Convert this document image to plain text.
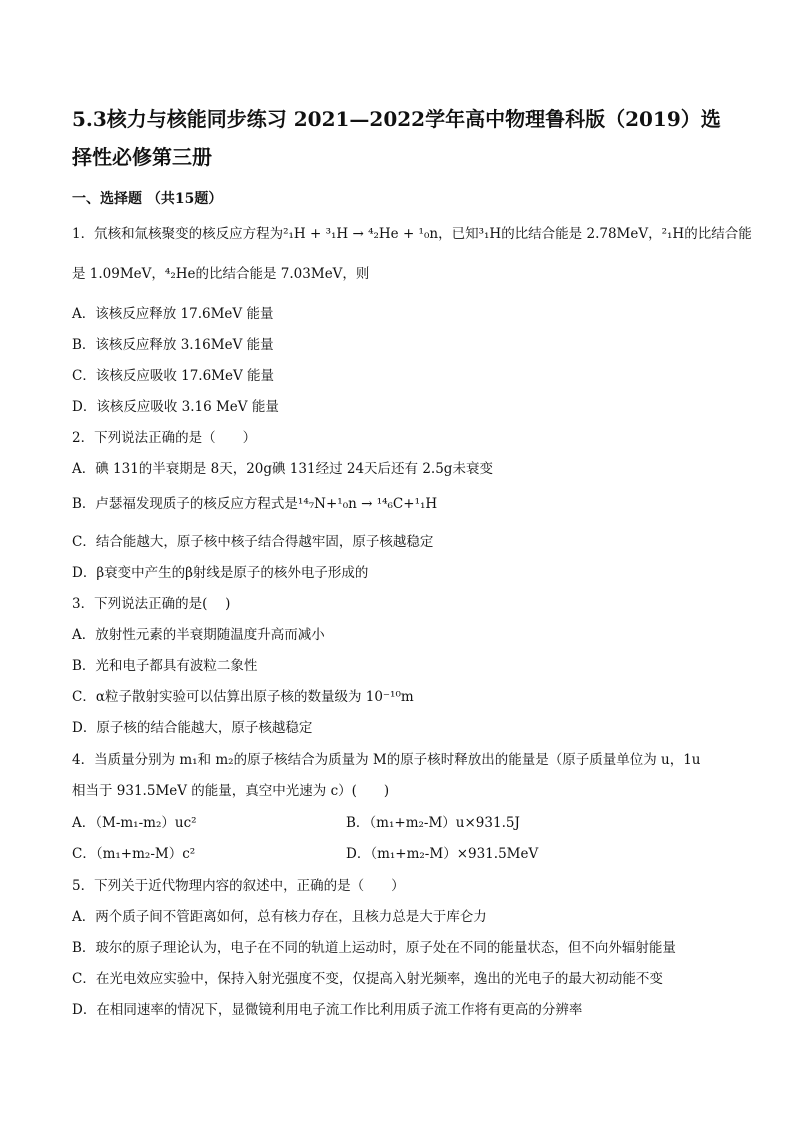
5.3核力与核能同步练习 2021—2022学年高中物理鲁科版（2019）选择性必修第三册
一、选择题 （共15题）
1．氘核和氚核聚变的核反应方程为²₁H + ³₁H → ⁴₂He + ¹₀n，已知³₁H的比结合能是 2.78MeV，²₁H的比结合能
是 1.09MeV，⁴₂He的比结合能是 7.03MeV，则
A．该核反应释放 17.6MeV 能量
B．该核反应释放 3.16MeV 能量
C．该核反应吸收 17.6MeV 能量
D．该核反应吸收 3.16 MeV 能量
2．下列说法正确的是（　　）
A．碘 131的半衰期是 8天，20g碘 131经过 24天后还有 2.5g未衰变
B．卢瑟福发现质子的核反应方程式是¹⁴₇N+¹₀n → ¹⁴₆C+¹₁H
C．结合能越大，原子核中核子结合得越牢固，原子核越稳定
D．β衰变中产生的β射线是原子的核外电子形成的
3．下列说法正确的是(　 )
A．放射性元素的半衰期随温度升高而减小
B．光和电子都具有波粒二象性
C．α粒子散射实验可以估算出原子核的数量级为 10⁻¹⁰m
D．原子核的结合能越大，原子核越稳定
4．当质量分别为 m₁和 m₂的原子核结合为质量为 M的原子核时释放出的能量是（原子质量单位为 u，1u
相当于 931.5MeV 的能量，真空中光速为 c）(　　)
A．（M-m₁-m₂）uc²	B．（m₁+m₂-M）u×931.5J
C．（m₁+m₂-M）c²	D．（m₁+m₂-M）×931.5MeV
5．下列关于近代物理内容的叙述中，正确的是（　　）
A．两个质子间不管距离如何，总有核力存在，且核力总是大于库仑力
B．玻尔的原子理论认为，电子在不同的轨道上运动时，原子处在不同的能量状态，但不向外辐射能量
C．在光电效应实验中，保持入射光强度不变，仅提高入射光频率，逸出的光电子的最大初动能不变
D．在相同速率的情况下，显微镜利用电子流工作比利用质子流工作将有更高的分辨率
